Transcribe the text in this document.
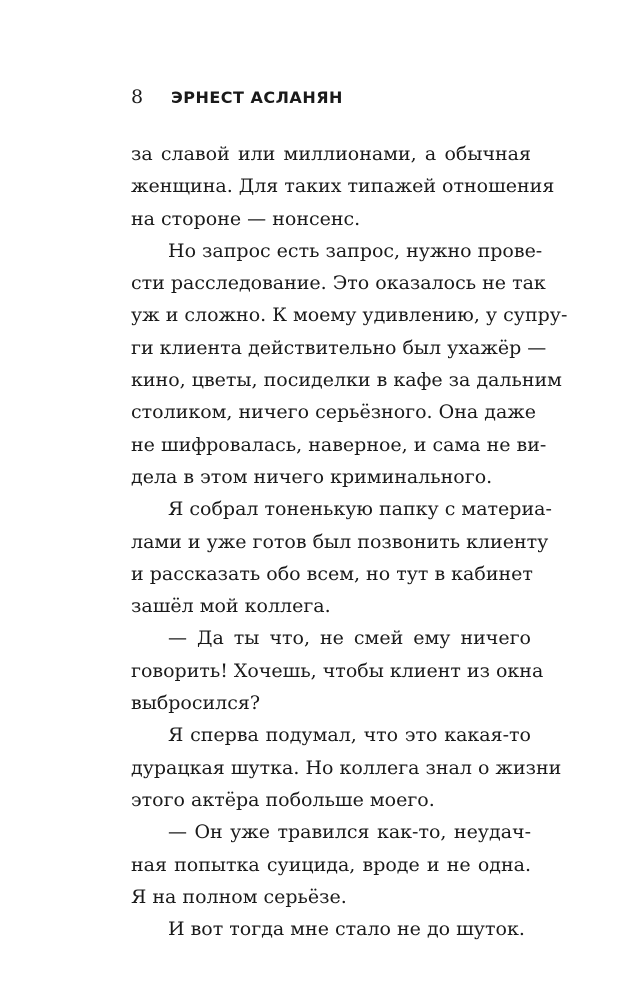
8	ЭРНЕСТ АСЛАНЯН
за славой или миллионами, а обычная
женщина. Для таких типажей отношения
на стороне — нонсенс.
Но запрос есть запрос, нужно прове-
сти расследование. Это оказалось не так
уж и сложно. К моему удивлению, у супру-
ги клиента действительно был ухажёр —
кино, цветы, посиделки в кафе за дальним
столиком, ничего серьёзного. Она даже
не шифровалась, наверное, и сама не ви-
дела в этом ничего криминального.
Я собрал тоненькую папку с материа-
лами и уже готов был позвонить клиенту
и рассказать обо всем, но тут в кабинет
зашёл мой коллега.
— Да ты что, не смей ему ничего
говорить! Хочешь, чтобы клиент из окна
выбросился?
Я сперва подумал, что это какая-то
дурацкая шутка. Но коллега знал о жизни
этого актёра побольше моего.
— Он уже травился как-то, неудач-
ная попытка суицида, вроде и не одна.
Я на полном серьёзе.
И вот тогда мне стало не до шуток.
